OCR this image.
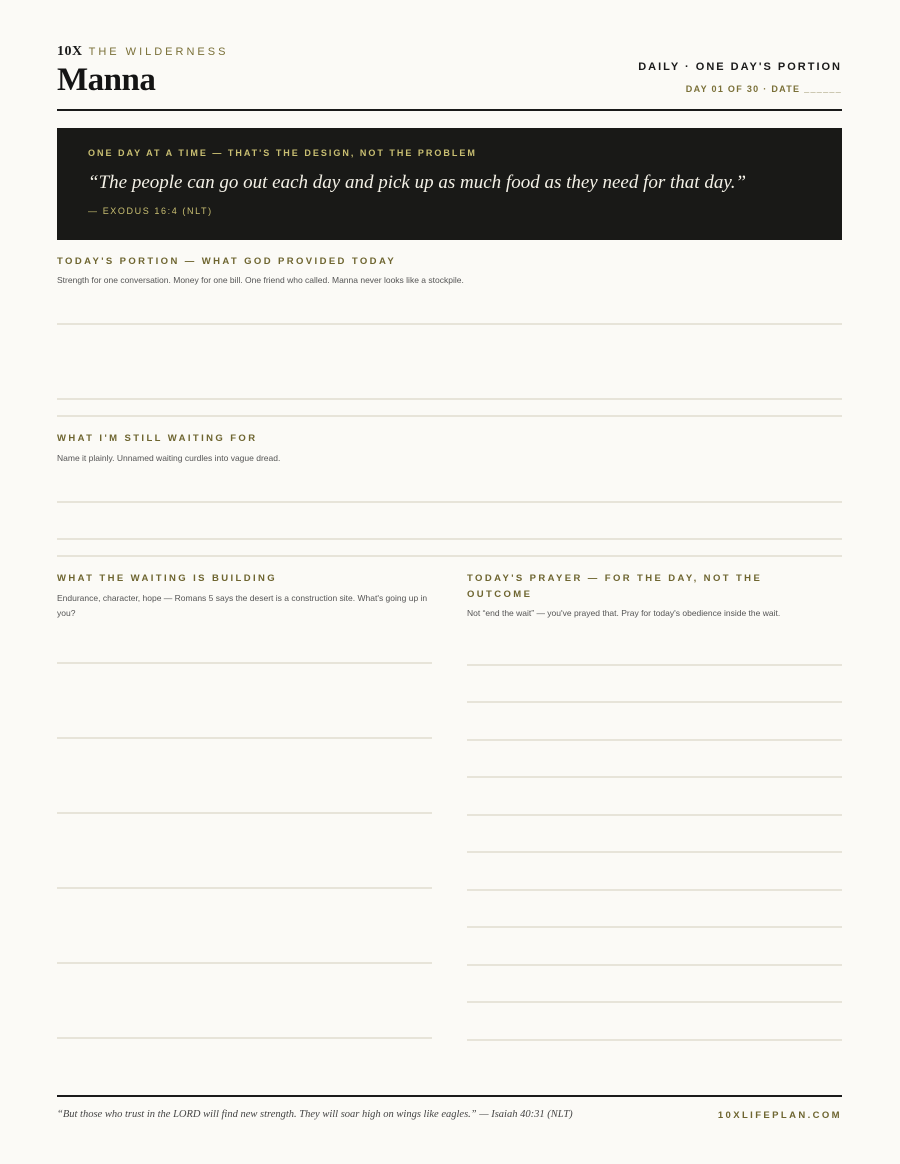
10X THE WILDERNESS
Manna	DAILY · ONE DAY'S PORTION
DAY 01 OF 30 · DATE ______
ONE DAY AT A TIME — THAT'S THE DESIGN, NOT THE PROBLEM
“The people can go out each day and pick up as much food as they need for that day.”
— EXODUS 16:4 (NLT)
TODAY'S PORTION — WHAT GOD PROVIDED TODAY
Strength for one conversation. Money for one bill. One friend who called. Manna never looks like a stockpile.
WHAT I'M STILL WAITING FOR
Name it plainly. Unnamed waiting curdles into vague dread.
WHAT THE WAITING IS BUILDING
Endurance, character, hope — Romans 5 says the desert is a construction site. What's going up in you?
TODAY'S PRAYER — FOR THE DAY, NOT THE OUTCOME
Not “end the wait” — you've prayed that. Pray for today's obedience inside the wait.
“But those who trust in the LORD will find new strength. They will soar high on wings like eagles.” — Isaiah 40:31 (NLT)	10XLIFEPLAN.COM
